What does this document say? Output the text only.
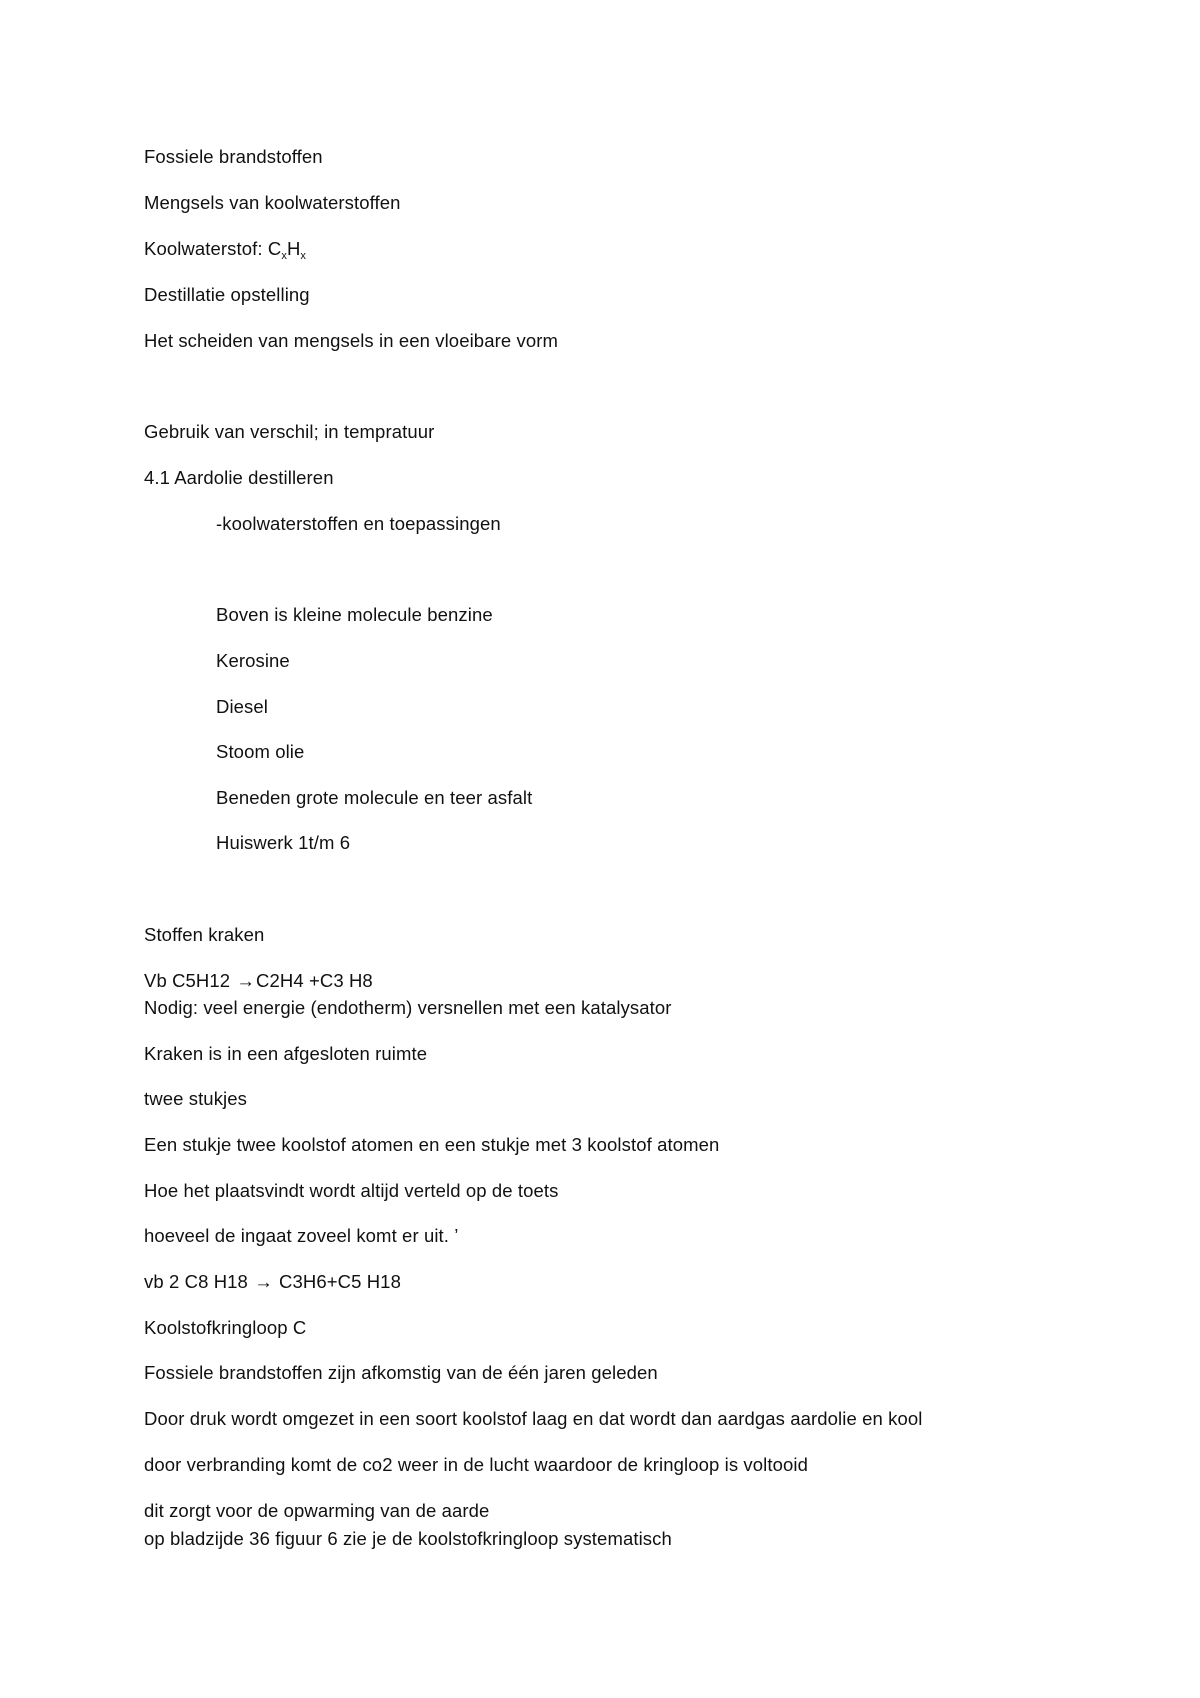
Fossiele brandstoffen
Mengsels van koolwaterstoffen
Koolwaterstof: $C_xH_x$
Destillatie opstelling
Het scheiden van mengsels in een vloeibare vorm
Gebruik van verschil; in tempratuur
4.1 Aardolie destilleren
-koolwaterstoffen en toepassingen
Boven is kleine molecule benzine
Kerosine
Diesel
Stoom olie
Beneden grote molecule en teer asfalt
Huiswerk 1t/m 6
Stoffen kraken
Vb C5H12 →C2H4 +C3 H8
Nodig: veel energie (endotherm) versnellen met een katalysator
Kraken is in een afgesloten ruimte
twee stukjes
Een stukje twee koolstof atomen en een stukje met 3 koolstof atomen
Hoe het plaatsvindt wordt altijd verteld op de toets
hoeveel de ingaat zoveel komt er uit. ’
vb 2 C8 H18 → C3H6+C5 H18
Koolstofkringloop C
Fossiele brandstoffen zijn afkomstig van de één jaren geleden
Door druk wordt omgezet in een soort koolstof laag en dat wordt dan aardgas aardolie en kool
door verbranding komt de co2 weer in de lucht waardoor de kringloop is voltooid
dit zorgt voor de opwarming van de aarde
op bladzijde 36 figuur 6 zie je de koolstofkringloop systematisch
